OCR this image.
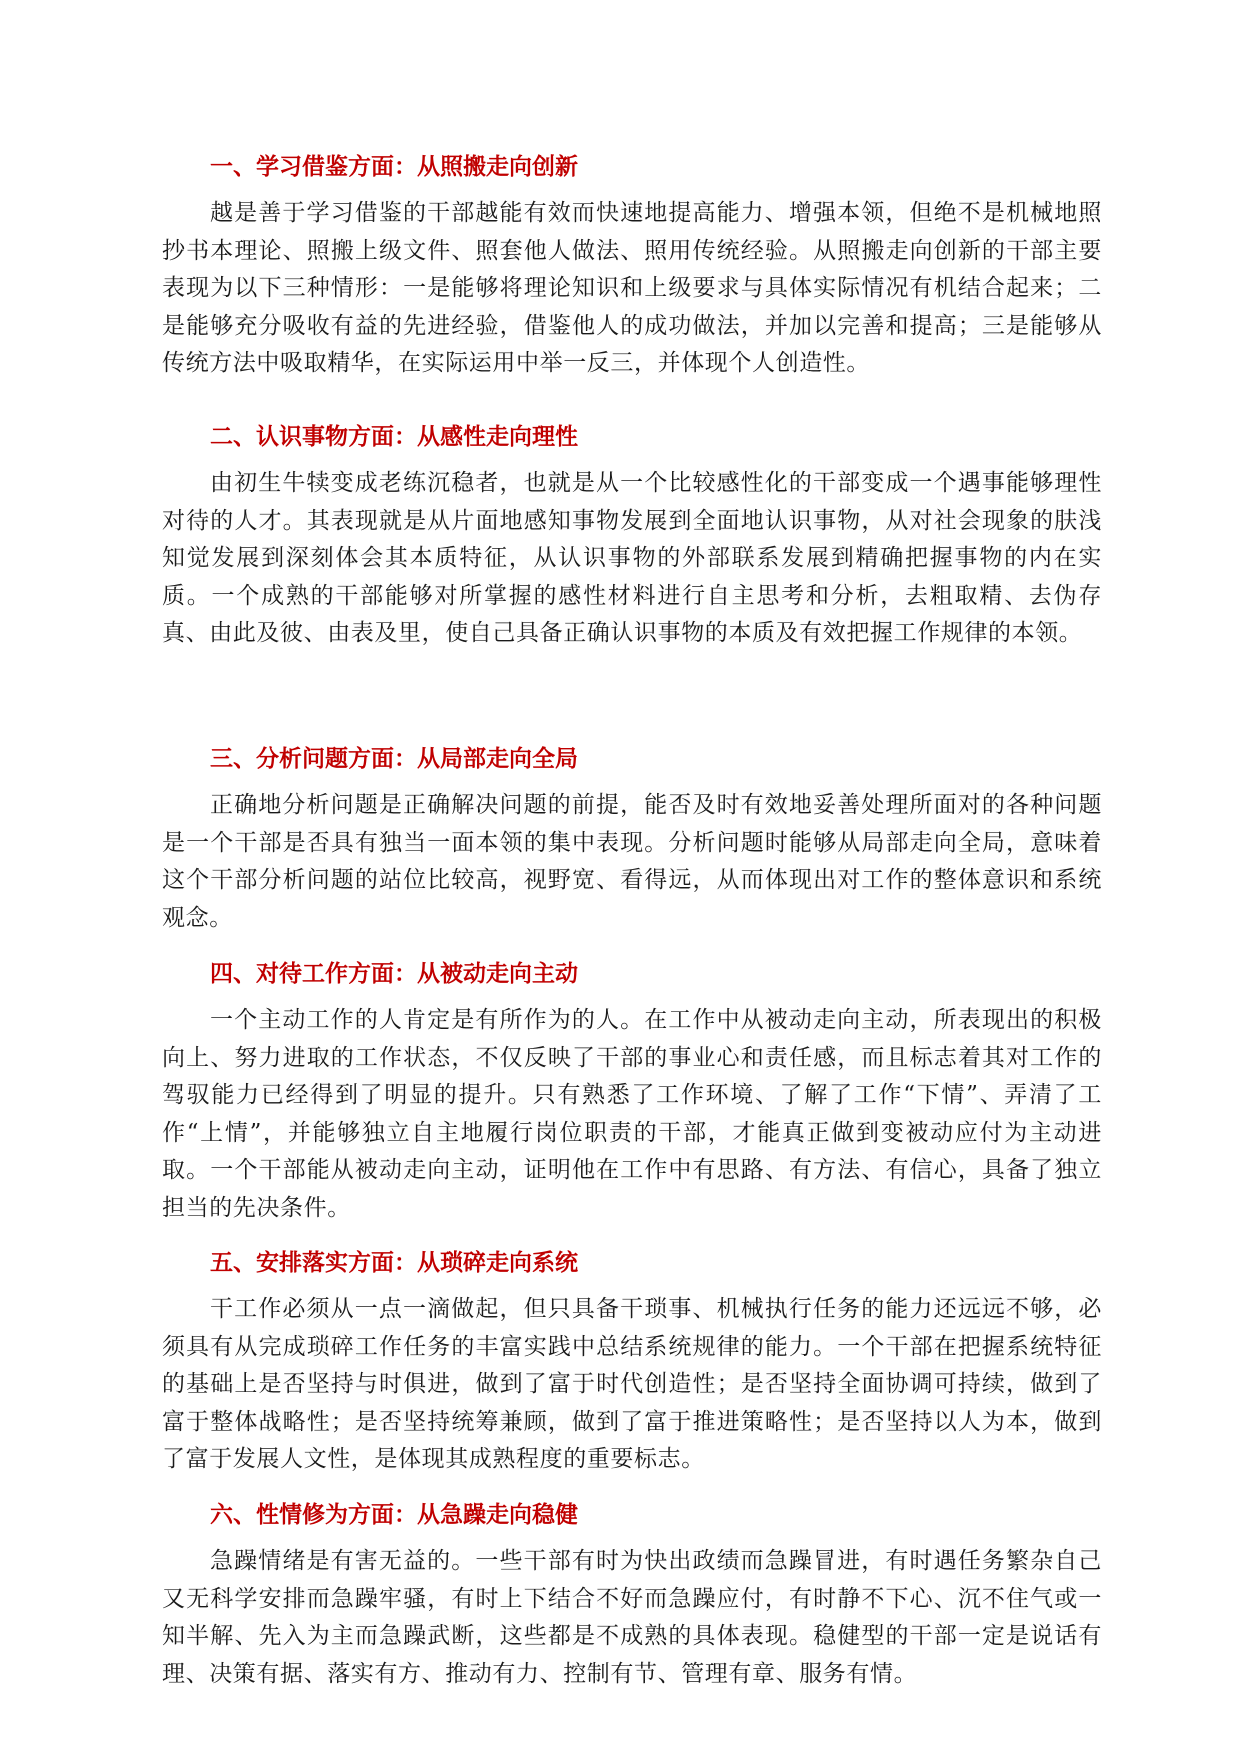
一、学习借鉴方面：从照搬走向创新

越是善于学习借鉴的干部越能有效而快速地提高能力、增强本领，但绝不是机械地照抄书本理论、照搬上级文件、照套他人做法、照用传统经验。从照搬走向创新的干部主要表现为以下三种情形：一是能够将理论知识和上级要求与具体实际情况有机结合起来；二是能够充分吸收有益的先进经验，借鉴他人的成功做法，并加以完善和提高；三是能够从传统方法中吸取精华，在实际运用中举一反三，并体现个人创造性。

二、认识事物方面：从感性走向理性

由初生牛犊变成老练沉稳者，也就是从一个比较感性化的干部变成一个遇事能够理性对待的人才。其表现就是从片面地感知事物发展到全面地认识事物，从对社会现象的肤浅知觉发展到深刻体会其本质特征，从认识事物的外部联系发展到精确把握事物的内在实质。一个成熟的干部能够对所掌握的感性材料进行自主思考和分析，去粗取精、去伪存真、由此及彼、由表及里，使自己具备正确认识事物的本质及有效把握工作规律的本领。

三、分析问题方面：从局部走向全局

正确地分析问题是正确解决问题的前提，能否及时有效地妥善处理所面对的各种问题是一个干部是否具有独当一面本领的集中表现。分析问题时能够从局部走向全局，意味着这个干部分析问题的站位比较高，视野宽、看得远，从而体现出对工作的整体意识和系统观念。

四、对待工作方面：从被动走向主动

一个主动工作的人肯定是有所作为的人。在工作中从被动走向主动，所表现出的积极向上、努力进取的工作状态，不仅反映了干部的事业心和责任感，而且标志着其对工作的驾驭能力已经得到了明显的提升。只有熟悉了工作环境、了解了工作“下情”、弄清了工作“上情”，并能够独立自主地履行岗位职责的干部，才能真正做到变被动应付为主动进取。一个干部能从被动走向主动，证明他在工作中有思路、有方法、有信心，具备了独立担当的先决条件。

五、安排落实方面：从琐碎走向系统

干工作必须从一点一滴做起，但只具备干琐事、机械执行任务的能力还远远不够，必须具有从完成琐碎工作任务的丰富实践中总结系统规律的能力。一个干部在把握系统特征的基础上是否坚持与时俱进，做到了富于时代创造性；是否坚持全面协调可持续，做到了富于整体战略性；是否坚持统筹兼顾，做到了富于推进策略性；是否坚持以人为本，做到了富于发展人文性，是体现其成熟程度的重要标志。

六、性情修为方面：从急躁走向稳健

急躁情绪是有害无益的。一些干部有时为快出政绩而急躁冒进，有时遇任务繁杂自己又无科学安排而急躁牢骚，有时上下结合不好而急躁应付，有时静不下心、沉不住气或一知半解、先入为主而急躁武断，这些都是不成熟的具体表现。稳健型的干部一定是说话有理、决策有据、落实有方、推动有力、控制有节、管理有章、服务有情。
